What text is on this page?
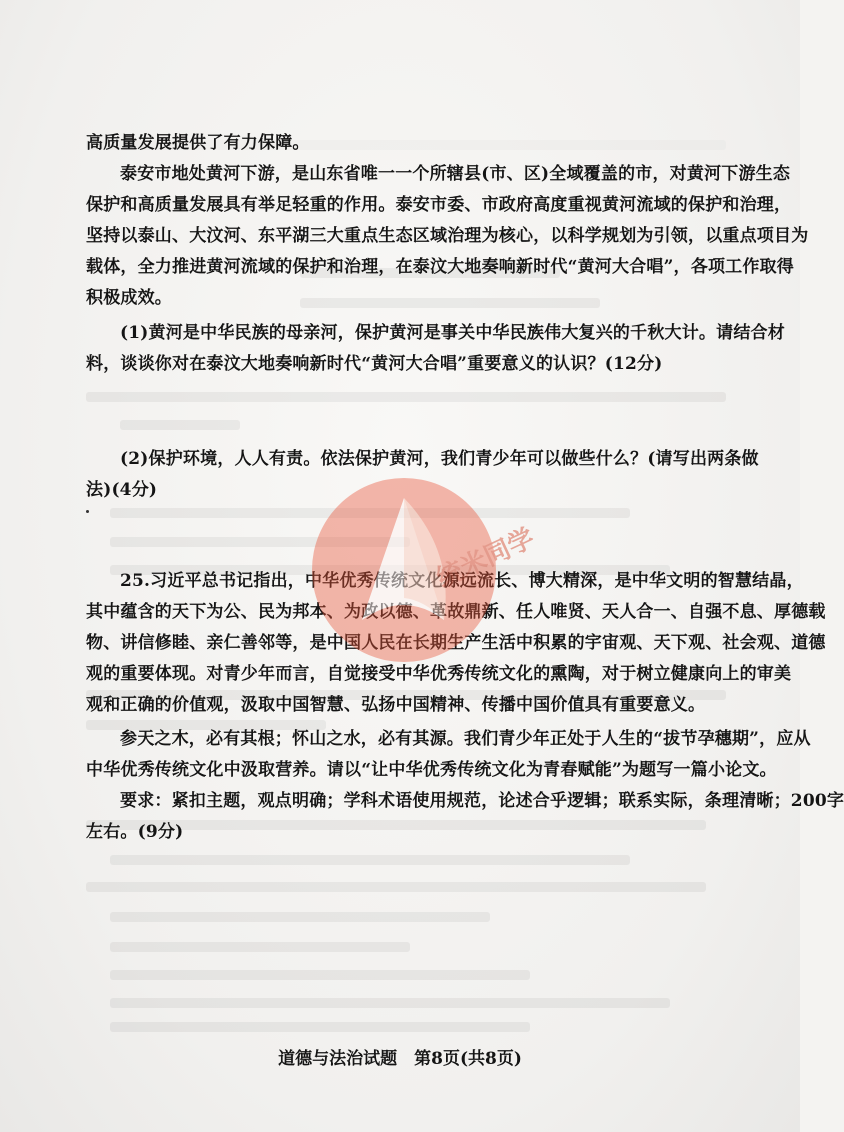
高质量发展提供了有力保障。
泰安市地处黄河下游，是山东省唯一一个所辖县(市、区)全域覆盖的市，对黄河下游生态
保护和高质量发展具有举足轻重的作用。泰安市委、市政府高度重视黄河流域的保护和治理，
坚持以泰山、大汶河、东平湖三大重点生态区域治理为核心，以科学规划为引领，以重点项目为
载体，全力推进黄河流域的保护和治理，在泰汶大地奏响新时代“黄河大合唱”，各项工作取得
积极成效。
(1)黄河是中华民族的母亲河，保护黄河是事关中华民族伟大复兴的千秋大计。请结合材
料，谈谈你对在泰汶大地奏响新时代“黄河大合唱”重要意义的认识？(12分)
(2)保护环境，人人有责。依法保护黄河，我们青少年可以做些什么？(请写出两条做
法)(4分)
25.习近平总书记指出，中华优秀传统文化源远流长、博大精深，是中华文明的智慧结晶，
其中蕴含的天下为公、民为邦本、为政以德、革故鼎新、任人唯贤、天人合一、自强不息、厚德载
物、讲信修睦、亲仁善邻等，是中国人民在长期生产生活中积累的宇宙观、天下观、社会观、道德
观的重要体现。对青少年而言，自觉接受中华优秀传统文化的熏陶，对于树立健康向上的审美
观和正确的价值观，汲取中国智慧、弘扬中国精神、传播中国价值具有重要意义。
参天之木，必有其根；怀山之水，必有其源。我们青少年正处于人生的“拔节孕穗期”，应从
中华优秀传统文化中汲取营养。请以“让中华优秀传统文化为青春赋能”为题写一篇小论文。
要求：紧扣主题，观点明确；学科术语使用规范，论述合乎逻辑；联系实际，条理清晰；200字
左右。(9分)
统米同学
道德与法治试题　第8页(共8页)
